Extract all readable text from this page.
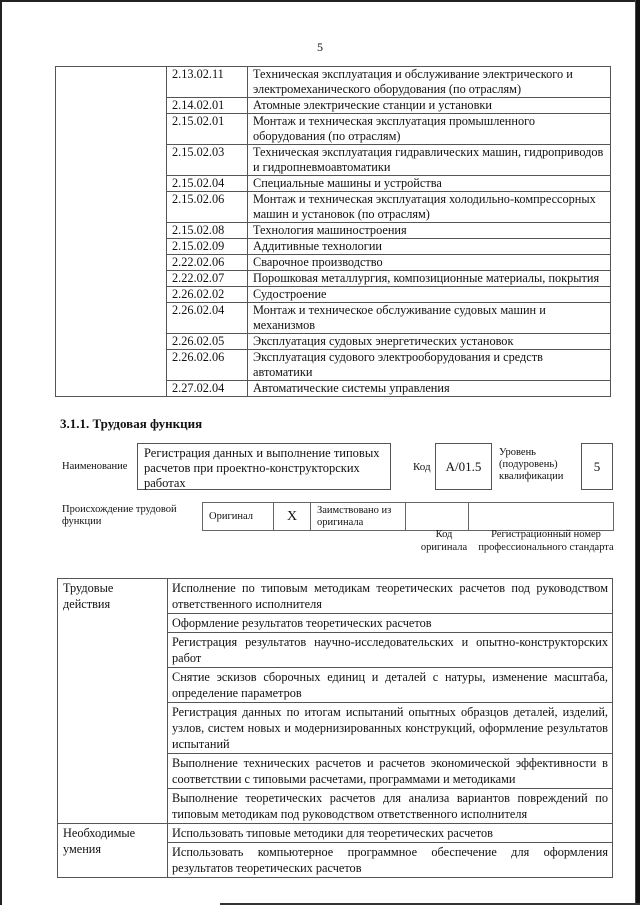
5
	2.13.02.11	Техническая эксплуатация и обслуживание электрического и электромеханического оборудования (по отраслям)
	2.14.02.01	Атомные электрические станции и установки
	2.15.02.01	Монтаж и техническая эксплуатация промышленного оборудования (по отраслям)
	2.15.02.03	Техническая эксплуатация гидравлических машин, гидроприводов и гидропневмоавтоматики
	2.15.02.04	Специальные машины и устройства
	2.15.02.06	Монтаж и техническая эксплуатация холодильно-компрессорных машин и установок (по отраслям)
	2.15.02.08	Технология машиностроения
	2.15.02.09	Аддитивные технологии
	2.22.02.06	Сварочное производство
	2.22.02.07	Порошковая металлургия, композиционные материалы, покрытия
	2.26.02.02	Судостроение
	2.26.02.04	Монтаж и техническое обслуживание судовых машин и механизмов
	2.26.02.05	Эксплуатация судовых энергетических установок
	2.26.02.06	Эксплуатация судового электрооборудования и средств автоматики
	2.27.02.04	Автоматические системы управления
3.1.1. Трудовая функция
Наименование
Регистрация данных и выполнение типовых расчетов при проектно-конструкторских работах
Код	A/01.5
Уровень
(подуровень)
квалификации
5
Происхождение трудовой функции	Оригинал	X	Заимствовано из оригинала		
Код оригинала
Регистрационный номер профессионального стандарта
Трудовые действия	Исполнение по типовым методикам теоретических расчетов под руководством ответственного исполнителя
	Оформление результатов теоретических расчетов
	Регистрация результатов научно-исследовательских и опытно-конструкторских работ
	Снятие эскизов сборочных единиц и деталей с натуры, изменение масштаба, определение параметров
	Регистрация данных по итогам испытаний опытных образцов деталей, изделий, узлов, систем новых и модернизированных конструкций, оформление результатов испытаний
	Выполнение технических расчетов и расчетов экономической эффективности в соответствии с типовыми расчетами, программами и методиками
	Выполнение теоретических расчетов для анализа вариантов повреждений по типовым методикам под руководством ответственного исполнителя
Необходимые умения	Использовать типовые методики для теоретических расчетов
	Использовать компьютерное программное обеспечение для оформления результатов теоретических расчетов
